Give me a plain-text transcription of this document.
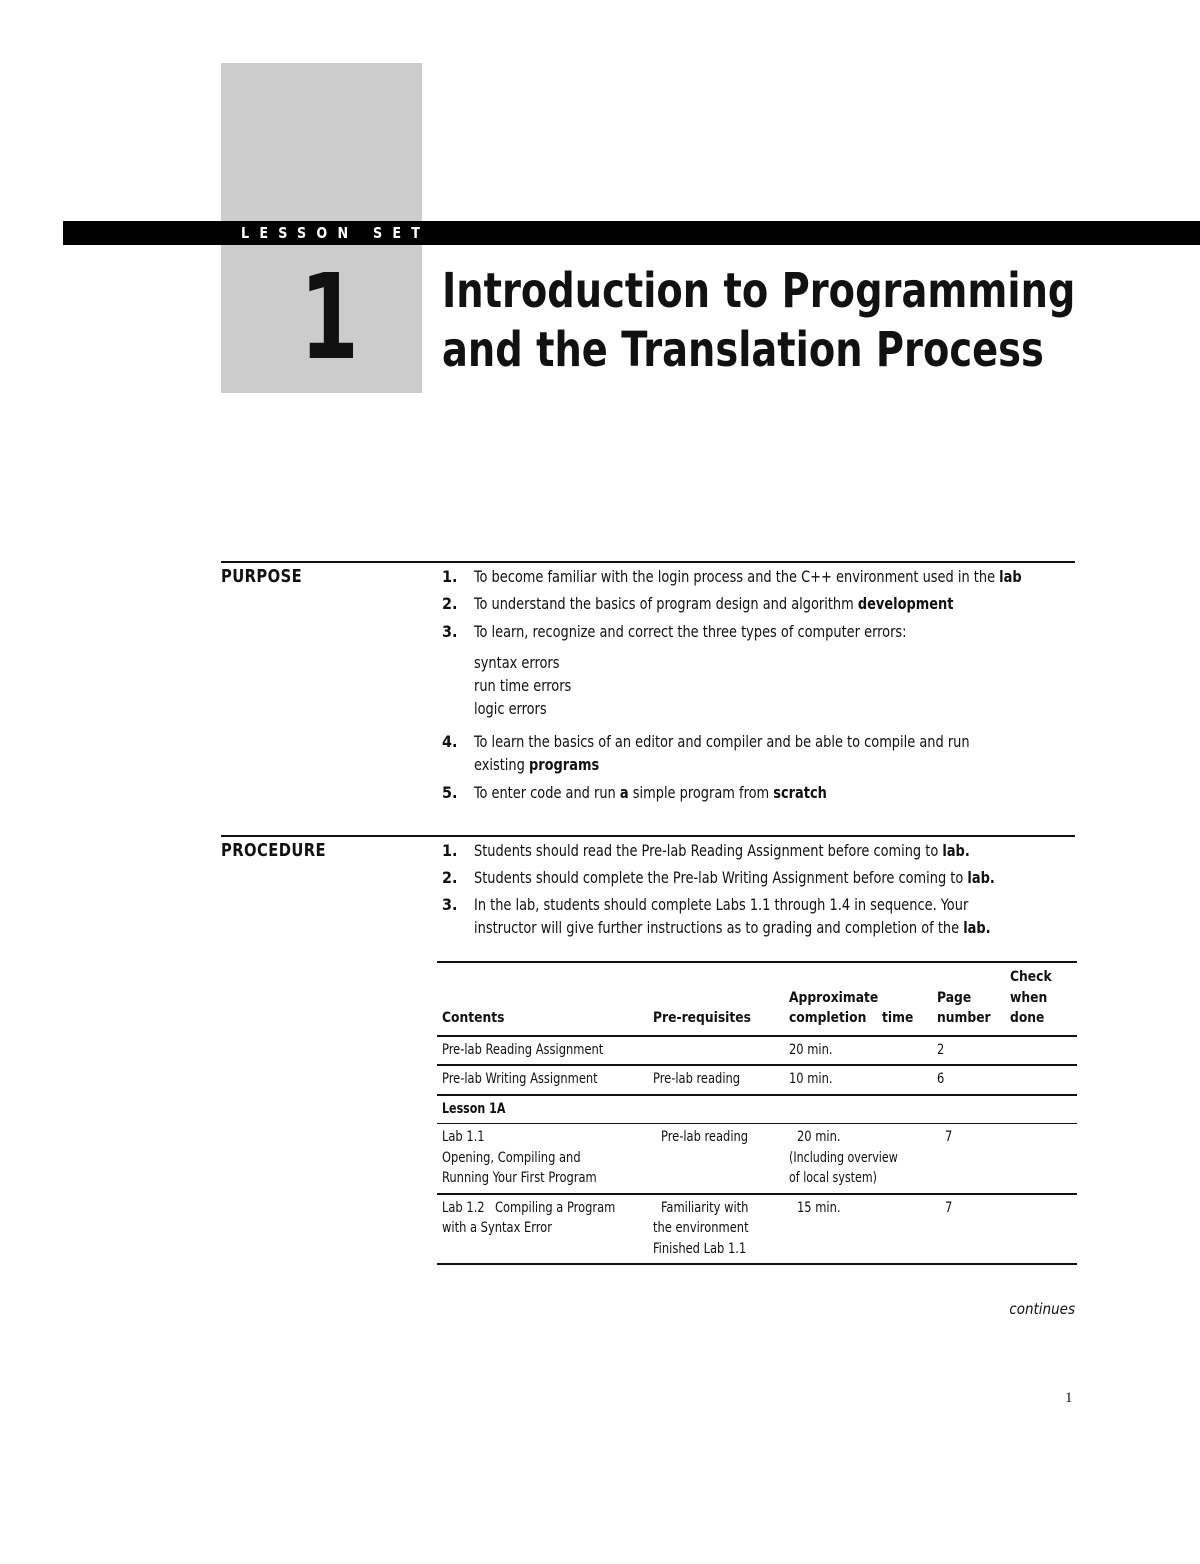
LESSON SET
1 Introduction to Programming
and the Translation Process
PURPOSE	1. To become familiar with the login process and the C++ environment used in the lab
2. To understand the basics of program design and algorithm development
3. To learn, recognize and correct the three types of computer errors:
syntax errors
run time errors
logic errors
4. To learn the basics of an editor and compiler and be able to compile and run
existing programs
5. To enter code and run a simple program from scratch
PROCEDURE	1. Students should read the Pre-lab Reading Assignment before coming to lab.
2. Students should complete the Pre-lab Writing Assignment before coming to lab.
3. In the lab, students should complete Labs 1.1 through 1.4 in sequence. Your
instructor will give further instructions as to grading and completion of the lab.
Contents	Pre-requisites	Approximate completion time	Page number	Check when done
Pre-lab Reading Assignment		20 min.	2	
Pre-lab Writing Assignment	Pre-lab reading	10 min.	6	
Lesson 1A				
Lab 1.1 Opening, Compiling and Running Your First Program	Pre-lab reading	20 min. (Including overview of local system)	7	
Lab 1.2 Compiling a Program with a Syntax Error	Familiarity with the environment Finished Lab 1.1	15 min.	7	
continues
1
